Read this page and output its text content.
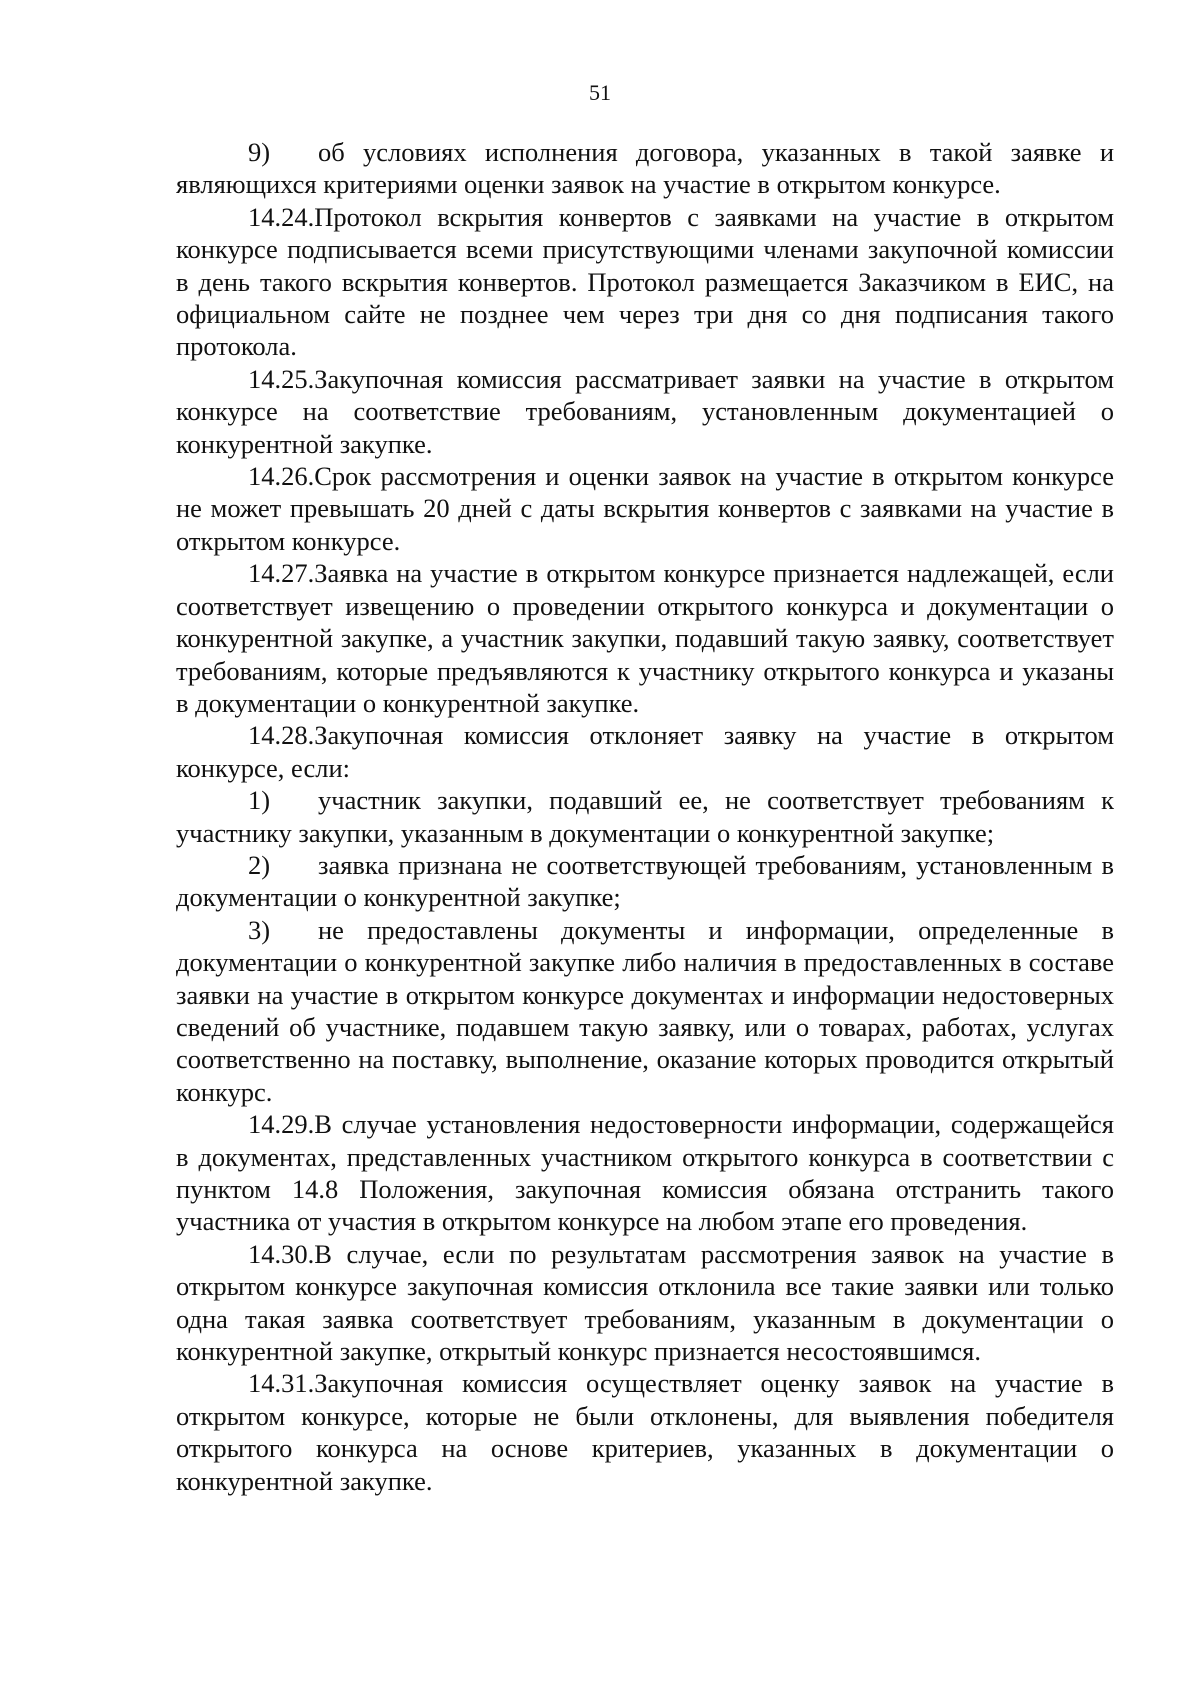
51

9) об условиях исполнения договора, указанных в такой заявке и являющихся критериями оценки заявок на участие в открытом конкурсе.

14.24.Протокол вскрытия конвертов с заявками на участие в открытом конкурсе подписывается всеми присутствующими членами закупочной комиссии в день такого вскрытия конвертов. Протокол размещается Заказчиком в ЕИС, на официальном сайте не позднее чем через три дня со дня подписания такого протокола.

14.25.Закупочная комиссия рассматривает заявки на участие в открытом конкурсе на соответствие требованиям, установленным документацией о конкурентной закупке.

14.26.Срок рассмотрения и оценки заявок на участие в открытом конкурсе не может превышать 20 дней с даты вскрытия конвертов с заявками на участие в открытом конкурсе.

14.27.Заявка на участие в открытом конкурсе признается надлежащей, если соответствует извещению о проведении открытого конкурса и документации о конкурентной закупке, а участник закупки, подавший такую заявку, соответствует требованиям, которые предъявляются к участнику открытого конкурса и указаны в документации о конкурентной закупке.

14.28.Закупочная комиссия отклоняет заявку на участие в открытом конкурсе, если:

1) участник закупки, подавший ее, не соответствует требованиям к участнику закупки, указанным в документации о конкурентной закупке;

2) заявка признана не соответствующей требованиям, установленным в документации о конкурентной закупке;

3) не предоставлены документы и информации, определенные в документации о конкурентной закупке либо наличия в предоставленных в составе заявки на участие в открытом конкурсе документах и информации недостоверных сведений об участнике, подавшем такую заявку, или о товарах, работах, услугах соответственно на поставку, выполнение, оказание которых проводится открытый конкурс.

14.29.В случае установления недостоверности информации, содержащейся в документах, представленных участником открытого конкурса в соответствии с пунктом 14.8 Положения, закупочная комиссия обязана отстранить такого участника от участия в открытом конкурсе на любом этапе его проведения.

14.30.В случае, если по результатам рассмотрения заявок на участие в открытом конкурсе закупочная комиссия отклонила все такие заявки или только одна такая заявка соответствует требованиям, указанным в документации о конкурентной закупке, открытый конкурс признается несостоявшимся.

14.31.Закупочная комиссия осуществляет оценку заявок на участие в открытом конкурсе, которые не были отклонены, для выявления победителя открытого конкурса на основе критериев, указанных в документации о конкурентной закупке.
